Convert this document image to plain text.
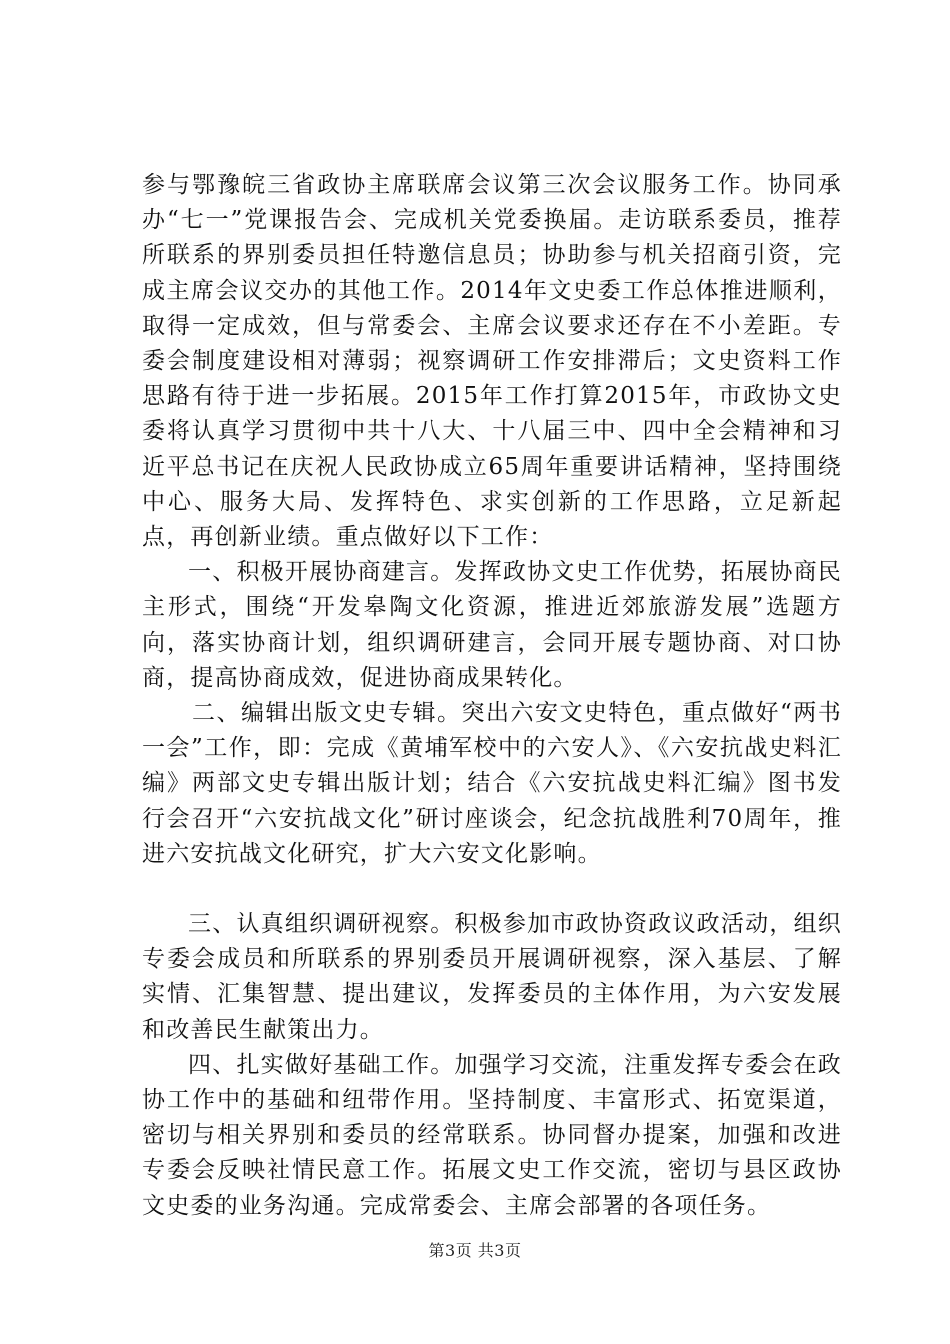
参与鄂豫皖三省政协主席联席会议第三次会议服务工作。协同承办“七一”党课报告会、完成机关党委换届。走访联系委员，推荐所联系的界别委员担任特邀信息员；协助参与机关招商引资，完成主席会议交办的其他工作。2014年文史委工作总体推进顺利，取得一定成效，但与常委会、主席会议要求还存在不小差距。专委会制度建设相对薄弱；视察调研工作安排滞后；文史资料工作思路有待于进一步拓展。2015年工作打算2015年，市政协文史委将认真学习贯彻中共十八大、十八届三中、四中全会精神和习近平总书记在庆祝人民政协成立65周年重要讲话精神，坚持围绕中心、服务大局、发挥特色、求实创新的工作思路，立足新起点，再创新业绩。重点做好以下工作：

一、积极开展协商建言。发挥政协文史工作优势，拓展协商民主形式，围绕“开发皋陶文化资源，推进近郊旅游发展”选题方向，落实协商计划，组织调研建言，会同开展专题协商、对口协商，提高协商成效，促进协商成果转化。

二、编辑出版文史专辑。突出六安文史特色，重点做好“两书一会”工作，即：完成《黄埔军校中的六安人》、《六安抗战史料汇编》两部文史专辑出版计划；结合《六安抗战史料汇编》图书发行会召开“六安抗战文化”研讨座谈会，纪念抗战胜利70周年，推进六安抗战文化研究，扩大六安文化影响。

三、认真组织调研视察。积极参加市政协资政议政活动，组织专委会成员和所联系的界别委员开展调研视察，深入基层、了解实情、汇集智慧、提出建议，发挥委员的主体作用，为六安发展和改善民生献策出力。

四、扎实做好基础工作。加强学习交流，注重发挥专委会在政协工作中的基础和纽带作用。坚持制度、丰富形式、拓宽渠道，密切与相关界别和委员的经常联系。协同督办提案，加强和改进专委会反映社情民意工作。拓展文史工作交流，密切与县区政协文史委的业务沟通。完成常委会、主席会部署的各项任务。

第3页 共3页
